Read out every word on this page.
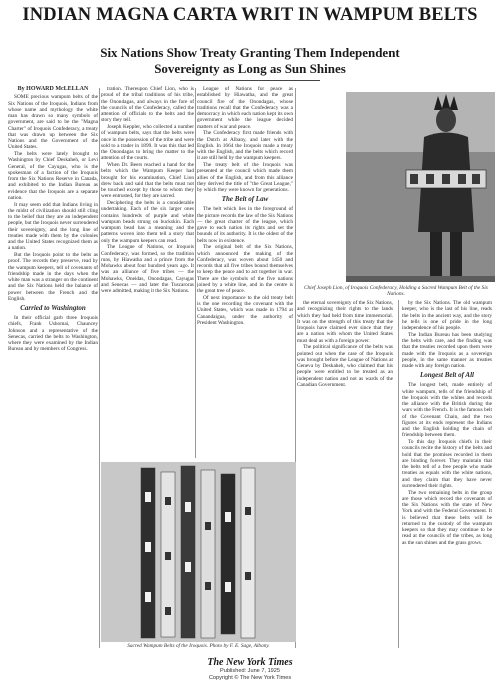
INDIAN MAGNA CARTA WRIT IN WAMPUM BELTS
Six Nations Show Treaty Granting Them Independent
Sovereignty as Long as Sun Shines

By HOWARD McLELLAN

SOME precious wampum belts of the Six Nations of the Iroquois, Indians from whose name and mythology the white man has drawn so many symbols of government, are said to be the "Magna Charter" of Iroquois Confederacy, a treaty that was drawn up between the Six Nations and the Government of the United States.

The belts were lately brought to Washington by Chief Deskaheh, or Levi General, of the Cayugas, who is the spokesman of a faction of the Iroquois from the Six Nations Reserve in Canada, and exhibited to the Indian Bureau as evidence that the Iroquois are a separate nation.

It may seem odd that Indians living in the midst of civilization should still cling to the belief that they are an independent people, but the Iroquois never surrendered their sovereignty, and the long line of treaties made with them by the colonies and the United States recognized them as a nation.

But the Iroquois point to the belts as proof. The records they preserve, read by the wampum keepers, tell of covenants of friendship made in the days when the white man was a stranger on the continent and the Six Nations held the balance of power between the French and the English.

Carried to Washington

In their official garb three Iroquois chiefs, Frank Ushomai, Chauncey Johnson and a representative of the Senecas, carried the belts to Washington, where they were examined by the Indian Bureau and by members of Congress.

tration. Thereupon Chief Lion, who is proud of the tribal traditions of his tribe, the Onondagas, and always in the fore of the councils of the Confederacy, called the attention of officials to the belts and the story they tell.

Joseph Keppler, who collected a number of wampum belts, says that the belts were once in the possession of the tribe and were sold to a trader in 1899. It was this that led the Onondagas to bring the matter to the attention of the courts.

When Dr. Beers reached a hand for the belts which the Wampum Keeper had brought for his examination, Chief Lion drew back and said that the belts must not be touched except by those to whom they were entrusted, for they are sacred.

Deciphering the belts is a considerable undertaking. Each of the six larger ones contains hundreds of purple and white wampum beads strung on buckskin. Each wampum bead has a meaning and the patterns woven into them tell a story that only the wampum keepers can read.

The League of Nations, or Iroquois Confederacy, was formed, so the tradition runs, by Hiawatha and a prince from the Mohawks about four hundred years ago. It was an alliance of five tribes — the Mohawks, Oneidas, Onondagas, Cayugas and Senecas — and later the Tuscaroras were admitted, making it the Six Nations.

League of Nations for peace as established by Hiawatha, and the great council fire of the Onondagas, whose traditions recall that the Confederacy was a democracy in which each nation kept its own government while the league decided matters of war and peace.

The Confederacy first made friends with the Dutch at Albany, and later with the English. In 1664 the Iroquois made a treaty with the English, and the belts which record it are still held by the wampum keepers.

The treaty belt of the Iroquois was presented at the council which made them allies of the English, and from this alliance they derived the title of "the Great League," by which they were known for generations.

The Belt of Law

The belt which lies in the foreground of the picture records the law of the Six Nations — the great charter of the league, which gave to each nation its rights and set the bounds of its authority. It is the oldest of the belts now in existence.

The original belt of the Six Nations, which announced the making of the Confederacy, was woven about 1450 and records that all five tribes bound themselves to keep the peace and to act together in war. There are the symbols of the five nations joined by a white line, and in the centre is the great tree of peace.

Of next importance to the old treaty belt is the one recording the covenant with the United States, which was made in 1794 at Canandaigua, under the authority of President Washington.

the eternal sovereignty of the Six Nations, and recognizing their rights to the lands which they had held from time immemorial. It was on the strength of this treaty that the Iroquois have claimed ever since that they are a nation with whom the United States must deal as with a foreign power.

The political significance of the belts was pointed out when the case of the Iroquois was brought before the League of Nations at Geneva by Deskaheh, who claimed that his people were entitled to be treated as an independent nation and not as wards of the Canadian Government.

by the Six Nations. The old wampum keeper, who is the last of his line, reads the belts in the ancient way, and the story he tells is one of pride in the long independence of his people.

The Indian Bureau has been studying the belts with care, and the finding was that the treaties recorded upon them were made with the Iroquois as a sovereign people, in the same manner as treaties made with any foreign nation.

Longest Belt of All

The longest belt, made entirely of white wampum, tells of the friendship of the Iroquois with the whites and records the alliance with the British during the wars with the French. It is the famous belt of the Covenant Chain, and the two figures at its ends represent the Indians and the English holding the chain of friendship between them.

To this day Iroquois chiefs in their councils recite the history of the belts and hold that the promises recorded in them are binding forever. They maintain that the belts tell of a free people who made treaties as equals with the white nations, and they claim that they have never surrendered their rights.

The two remaining belts in the group are those which record the covenants of the Six Nations with the state of New York and with the Federal Government. It is believed that these belts will be returned to the custody of the wampum keepers so that they may continue to be read at the councils of the tribes, as long as the sun shines and the grass grows.

Chief Joseph Lion, of Iroquois Confederacy, Holding a Sacred Wampum Belt of the Six Nations.
Sacred Wampum Belts of the Iroquois. Photo by F. E. Sage, Albany.
The New York Times
Published: June 7, 1925
Copyright © The New York Times
